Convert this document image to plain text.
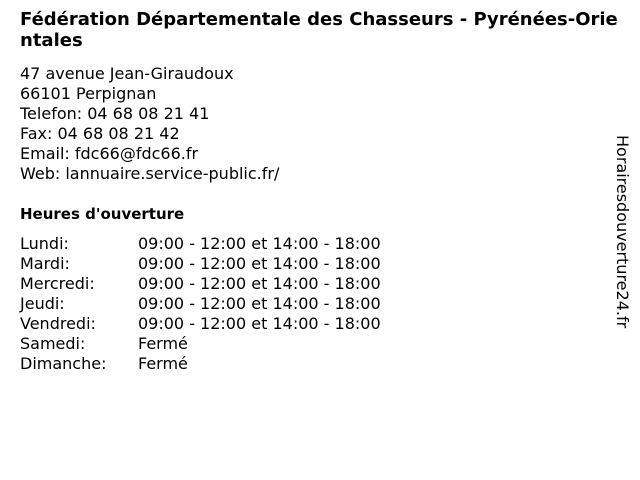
Fédération Départementale des Chasseurs - Pyrénées-Orientales
47 avenue Jean-Giraudoux
66101 Perpignan
Telefon: 04 68 08 21 41
Fax: 04 68 08 21 42
Email: fdc66@fdc66.fr
Web: lannuaire.service-public.fr/
Heures d'ouverture
Lundi:	09:00 - 12:00 et 14:00 - 18:00
Mardi:	09:00 - 12:00 et 14:00 - 18:00
Mercredi:	09:00 - 12:00 et 14:00 - 18:00
Jeudi:	09:00 - 12:00 et 14:00 - 18:00
Vendredi:	09:00 - 12:00 et 14:00 - 18:00
Samedi:	Fermé
Dimanche: Fermé
Horairesdouverture24.fr
